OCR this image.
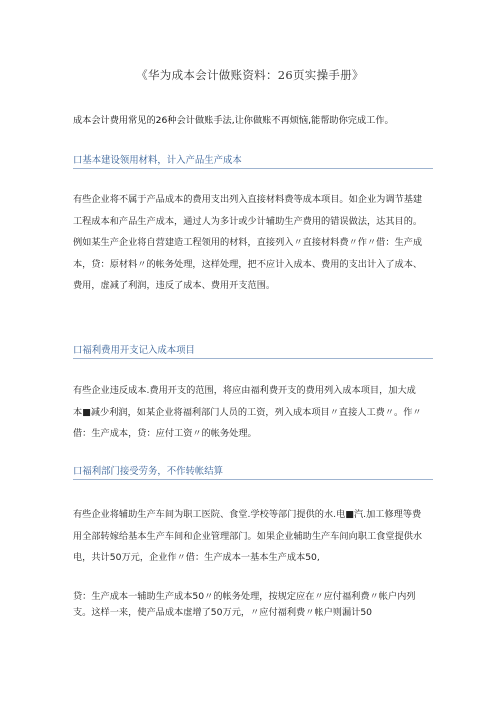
《华为成本会计做账资料：26页实操手册》
成本会计费用常见的26种会计做账手法,让你做账不再烦恼,能帮助你完成工作。
口基本建设领用材料，计入产品生产成本
有些企业将不属于产品成本的费用支出列入直接材料费等成本项目。如企业为调节基建
工程成本和产品生产成本，通过人为多计或少计辅助生产费用的错误做法，达其目的。
例如某生产企业将自营建造工程领用的材料，直接列入〃直接材料费〃作〃借：生产成
本，贷：原材料〃的帐务处理，这样处理，把不应计入成本、费用的支出计入了成本、
费用，虚减了利润，违反了成本、费用开支范围。
口福利费用开支记入成本项目
有些企业违反成本.费用开支的范围，将应由福利费开支的费用列入成本项目，加大成
本■减少利润，如某企业将福利部门人员的工资，列入成本项目〃直接人工费〃。作〃
借：生产成本，贷：应付工资〃的帐务处理。
口福利部门接受劳务，不作转帐结算
有些企业将辅助生产车间为职工医院、食堂.学校等部门提供的水.电■汽.加工修理等费
用全部转嫁给基本生产车间和企业管理部门。如果企业辅助生产车间向职工食堂提供水
电，共计50万元，企业作〃借：生产成本一基本生产成本50,
贷：生产成本一辅助生产成本50〃的帐务处理，按规定应在〃应付福利费〃帐户内列
支。这样一来，使产品成本虚增了50万元，〃应付福利费〃帐户则漏计50
